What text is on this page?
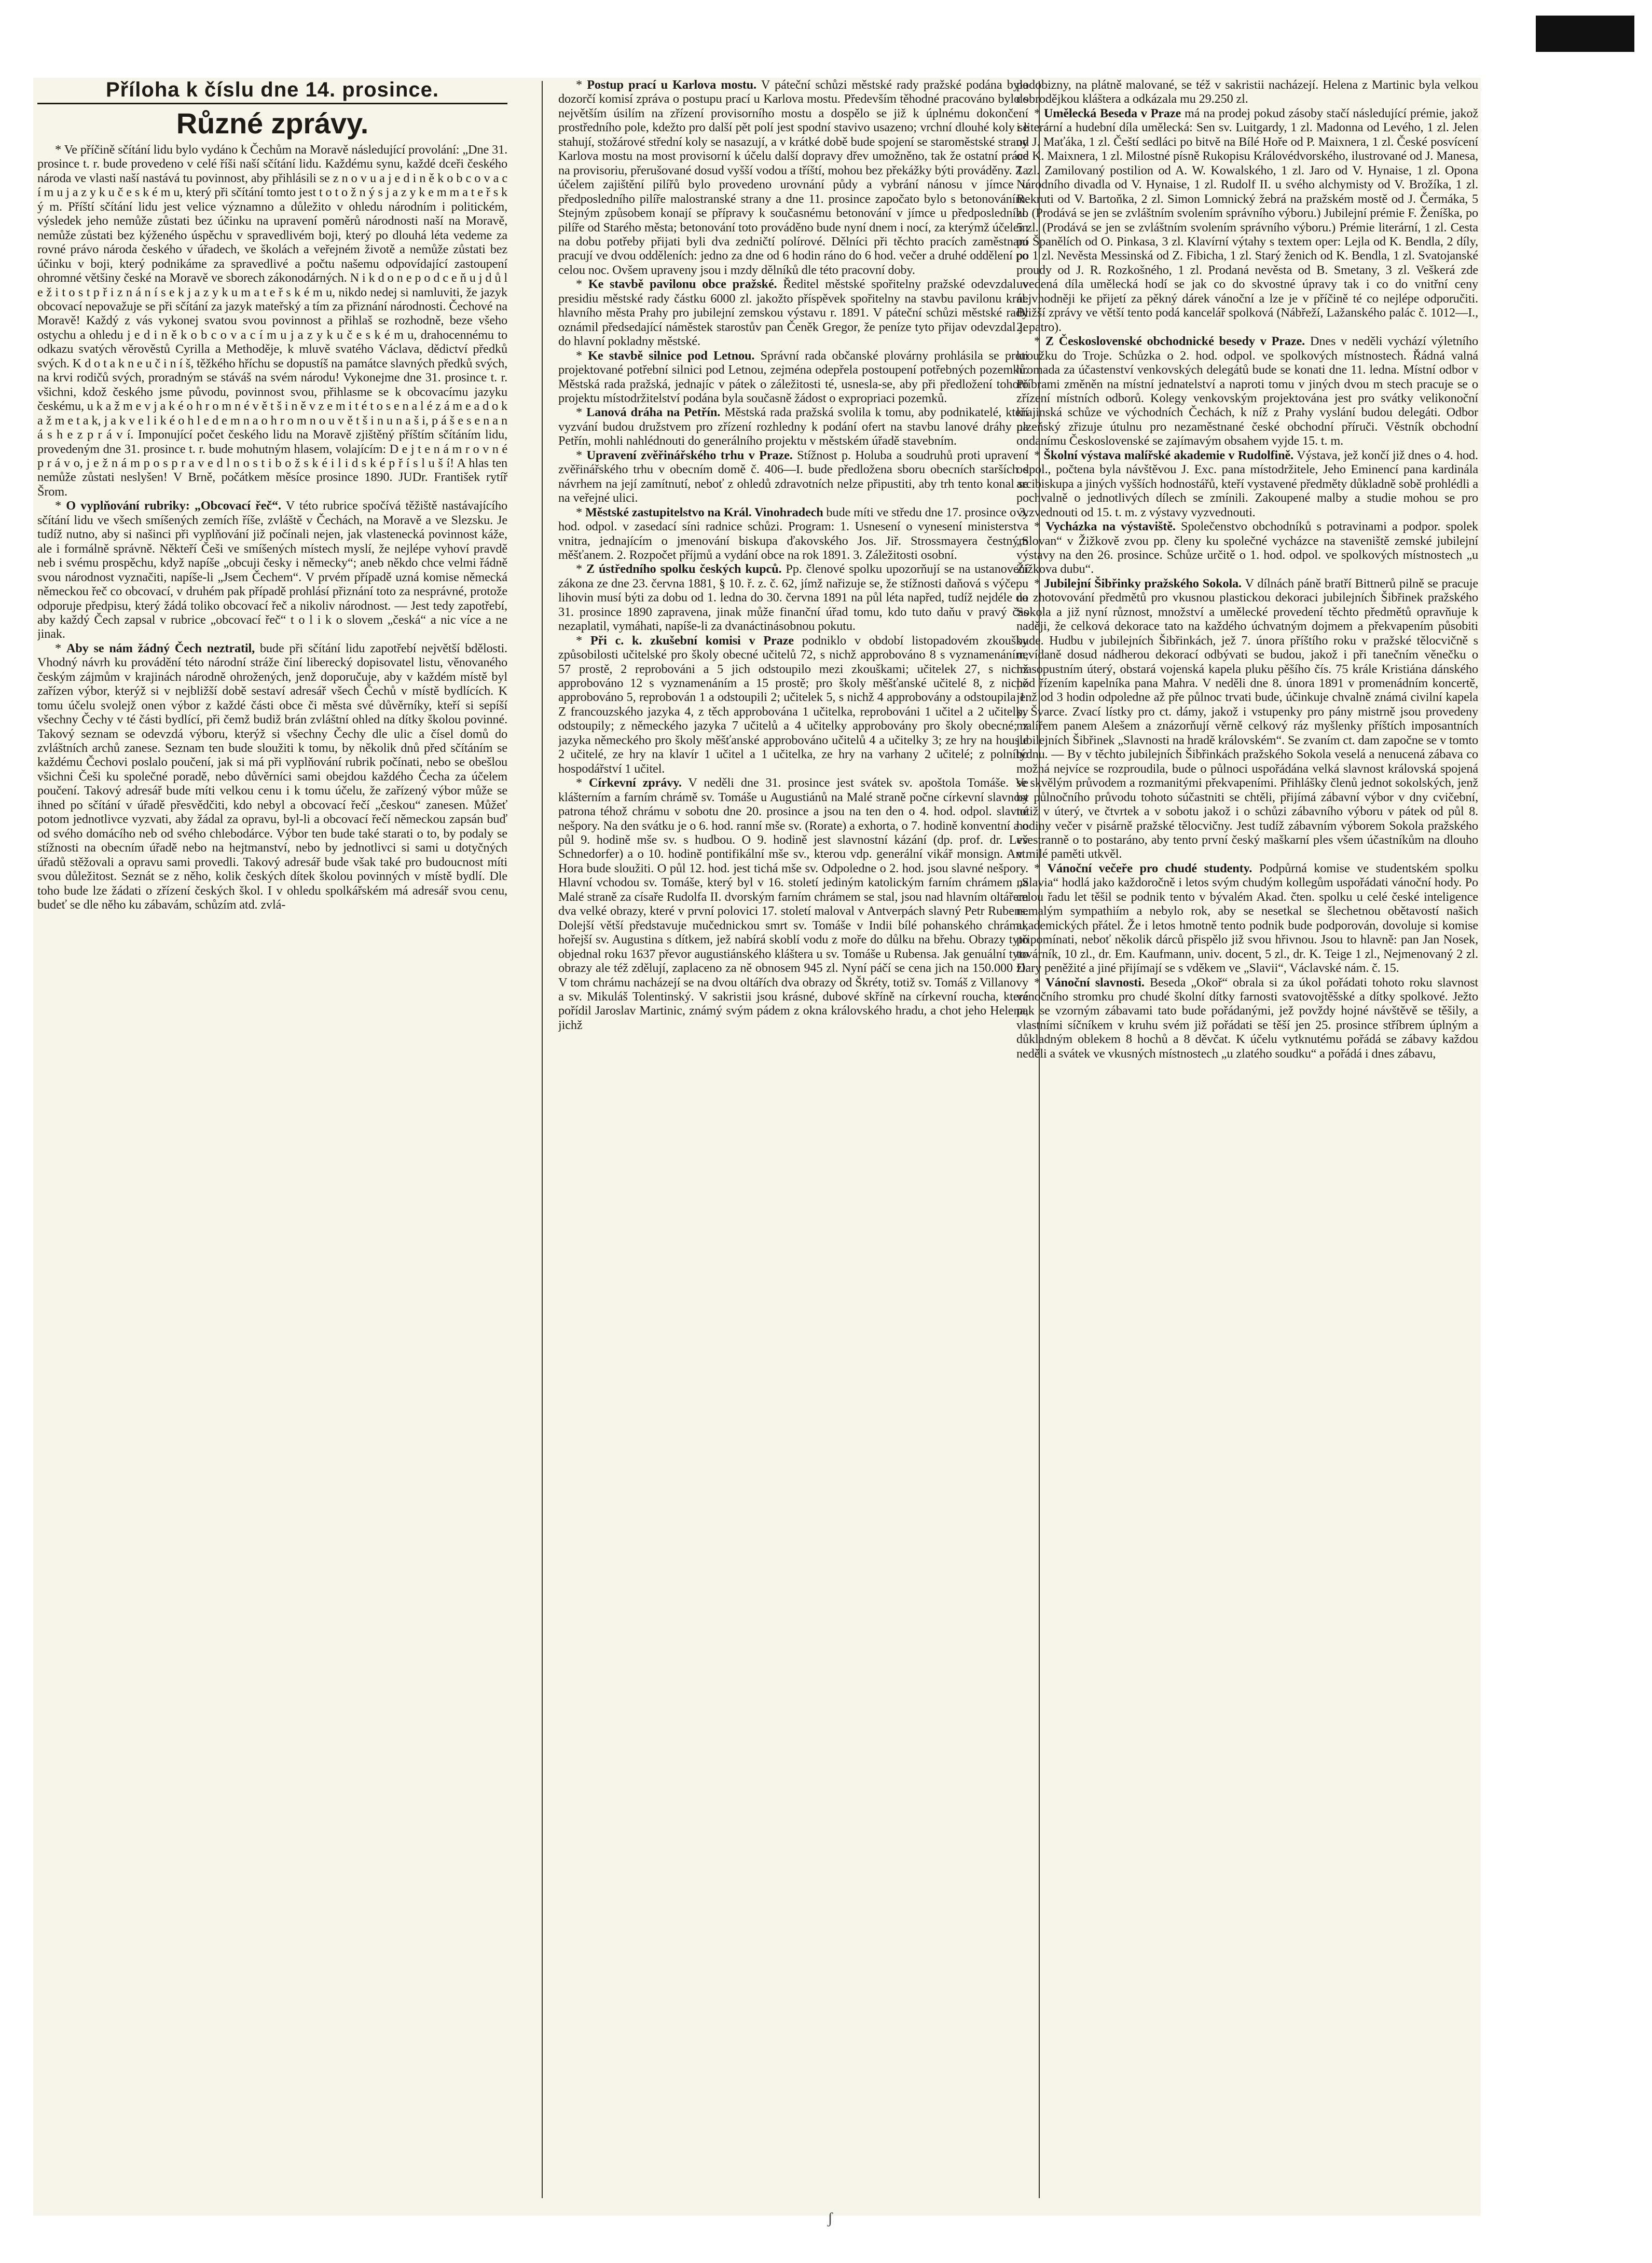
Příloha k číslu dne 14. prosince.
Různé zprávy.

* Ve příčině sčítání lidu bylo vydáno k Čechům na Moravě následující provolání: „Dne 31. prosince t. r. bude provedeno v celé říši naší sčítání lidu. Každému synu, každé dceři českého národa ve vlasti naší nastává tu povinnost, aby přihlásili se z n o v u a j e d i n ě k o b c o v a c í m u j a z y k u č e s k é m u, který při sčítání tomto jest t o t o ž n ý s j a z y k e m m a t e ř s k ý m. Příští sčítání lidu jest velice významno a důležito v ohledu národním i politickém, výsledek jeho nemůže zůstati bez účinku na upravení poměrů národnosti naší na Moravě, nemůže zůstati bez kýženého úspěchu v spravedlivém boji, který po dlouhá léta vedeme za rovné právo národa českého v úřadech, ve školách a veřejném životě a nemůže zůstati bez účinku v boji, který podnikáme za spravedlivé a počtu našemu odpovídající zastoupení ohromné většiny české na Moravě ve sborech zákonodárných. N i k d o n e p o d c e ň u j d ů l e ž i t o s t p ř i z n á n í s e k j a z y k u m a t e ř s k é m u, nikdo nedej si namluviti, že jazyk obcovací nepovažuje se při sčítání za jazyk mateřský a tím za přiznání národnosti. Čechové na Moravě! Každý z vás vykonej svatou svou povinnost a přihlaš se rozhodně, beze všeho ostychu a ohledu j e d i n ě k o b c o v a c í m u j a z y k u č e s k é m u, drahocennému to odkazu svatých věrověstů Cyrilla a Methoděje, k mluvě svatého Václava, dědictví předků svých. K d o t a k n e u č i n í š, těžkého hříchu se dopustíš na památce slavných předků svých, na krvi rodičů svých, proradným se stáváš na svém národu! Vykonejme dne 31. prosince t. r. všichni, kdož českého jsme původu, povinnost svou, přihlasme se k obcovacímu jazyku českému, u k a ž m e v j a k é o h r o m n é v ě t š i n ě v z e m i t é t o s e n a l é z á m e a d o k a ž m e t a k, j a k v e l i k é o h l e d e m n a o h r o m n o u v ě t š i n u n a š i, p á š e s e n a n á s h e z p r á v í. Imponující počet českého lidu na Moravě zjištěný příštím sčítáním lidu, provedeným dne 31. prosince t. r. bude mohutným hlasem, volajícím: D e j t e n á m r o v n é p r á v o, j e ž n á m p o s p r a v e d l n o s t i b o ž s k é i l i d s k é p ř í s l u š í! A hlas ten nemůže zůstati neslyšen! V Brně, počátkem měsíce prosince 1890. JUDr. František rytíř Šrom.

* O vyplňování rubriky: „Obcovací řeč“. V této rubrice spočívá těžiště nastávajícího sčítání lidu ve všech smíšených zemích říše, zvláště v Čechách, na Moravě a ve Slezsku. Je tudíž nutno, aby si našinci při vyplňování již počínali nejen, jak vlastenecká povinnost káže, ale i formálně správně. Někteří Češi ve smíšených místech myslí, že nejlépe vyhoví pravdě neb i svému prospěchu, když napíše „obcuji česky i německy“; aneb někdo chce velmi řádně svou národnost vyznačiti, napíše-li „Jsem Čechem“. V prvém případě uzná komise německá německou řeč co obcovací, v druhém pak případě prohlásí přiznání toto za nesprávné, protože odporuje předpisu, který žádá toliko obcovací řeč a nikoliv národnost. — Jest tedy zapotřebí, aby každý Čech zapsal v rubrice „obcovací řeč“ t o l i k o slovem „česká“ a nic více a ne jinak.

* Aby se nám žádný Čech neztratil, bude při sčítání lidu zapotřebí největší bdělosti. Vhodný návrh ku provádění této národní stráže činí liberecký dopisovatel listu, věnovaného českým zájmům v krajinách národně ohrožených, jenž doporučuje, aby v každém místě byl zařízen výbor, kterýž si v nejbližší době sestaví adresář všech Čechů v místě bydlících. K tomu účelu svolejž onen výbor z každé části obce či města své důvěrníky, kteří si sepíší všechny Čechy v té části bydlící, při čemž budiž brán zvláštní ohled na dítky školou povinné. Takový seznam se odevzdá výboru, kterýž si všechny Čechy dle ulic a čísel domů do zvláštních archů zanese. Seznam ten bude sloužiti k tomu, by několik dnů před sčítáním se každému Čechovi poslalo poučení, jak si má při vyplňování rubrik počínati, nebo se obešlou všichni Češi ku společné poradě, nebo důvěrníci sami obejdou každého Čecha za účelem poučení. Takový adresář bude míti velkou cenu i k tomu účelu, že zařízený výbor může se ihned po sčítání v úřadě přesvědčiti, kdo nebyl a obcovací řečí „českou“ zanesen. Můžeť potom jednotlivce vyzvati, aby žádal za opravu, byl-li a obcovací řečí německou zapsán buď od svého domácího neb od svého chlebodárce. Výbor ten bude také starati o to, by podaly se stížnosti na obecním úřadě nebo na hejtmanství, nebo by jednotlivci si sami u dotyčných úřadů stěžovali a opravu sami provedli. Takový adresář bude však také pro budoucnost míti svou důležitost. Seznát se z něho, kolik českých dítek školou povinných v místě bydlí. Dle toho bude lze žádati o zřízení českých škol. I v ohledu spolkářském má adresář svou cenu, budeť se dle něho ku zábavám, schůzím atd. zvlá-

* Postup prací u Karlova mostu. V páteční schůzi městské rady pražské podána byla dozorčí komisí zpráva o postupu prací u Karlova mostu. Především těhodné pracováno bylo s největším úsilím na zřízení provisorního mostu a dospělo se již k úplnému dokončení prostředního pole, kdežto pro další pět polí jest spodní stavivo usazeno; vrchní dlouhé koly se stahují, stožárové střední koly se nasazují, a v krátké době bude spojení se staroměstské strany Karlova mostu na most provisorní k účelu další dopravy dřev umožněno, tak že ostatní práce na provisoriu, přerušované dosud vyšší vodou a tříští, mohou bez překážky býti prováděny. Za účelem zajištění pilířů bylo provedeno urovnání půdy a vybrání nánosu v jímce u předposledního pilíře malostranské strany a dne 11. prosince započato bylo s betonováním. Stejným způsobem konají se přípravy k současnému betonování v jímce u předposledního pilíře od Starého města; betonování toto prováděno bude nyní dnem i nocí, za kterýmž účelem na dobu potřeby přijati byli dva zedničtí polírové. Dělníci při těchto pracích zaměstnaní pracují ve dvou odděleních: jedno za dne od 6 hodin ráno do 6 hod. večer a druhé oddělení po celou noc. Ovšem upraveny jsou i mzdy dělníků dle této pracovní doby.

* Ke stavbě pavilonu obce pražské. Ředitel městské spořitelny pražské odevzdal v presidiu městské rady částku 6000 zl. jakožto příspěvek spořitelny na stavbu pavilonu král. hlavního města Prahy pro jubilejní zemskou výstavu r. 1891. V páteční schůzi městské rady oznámil předsedající náměstek starostův pan Čeněk Gregor, že peníze tyto přijav odevzdal je do hlavní pokladny městské.

* Ke stavbě silnice pod Letnou. Správní rada občanské plovárny prohlásila se proti projektované potřební silnici pod Letnou, zejména odepřela postoupení potřebných pozemků. Městská rada pražská, jednajíc v pátek o záležitosti té, usnesla-se, aby při předložení tohoto projektu místodržitelství podána byla současně žádost o expropriaci pozemků.

* Lanová dráha na Petřín. Městská rada pražská svolila k tomu, aby podnikatelé, kteří vyzvání budou družstvem pro zřízení rozhledny k podání ofert na stavbu lanové dráhy na Petřín, mohli nahlédnouti do generálního projektu v městském úřadě stavebním.

* Upravení zvěřinářského trhu v Praze. Stížnost p. Holuba a soudruhů proti upravení zvěřinářského trhu v obecním domě č. 406—I. bude předložena sboru obecních starších s návrhem na její zamítnutí, neboť z ohledů zdravotních nelze připustiti, aby trh tento konal se na veřejné ulici.

* Městské zastupitelstvo na Král. Vinohradech bude míti ve středu dne 17. prosince o 3. hod. odpol. v zasedací síni radnice schůzi. Program: 1. Usnesení o vynesení ministerstva vnitra, jednajícím o jmenování biskupa ďakovského Jos. Jiř. Strossmayera čestným měšťanem. 2. Rozpočet příjmů a vydání obce na rok 1891. 3. Záležitosti osobní.

* Z ústředního spolku českých kupců. Pp. členové spolku upozorňují se na ustanovení zákona ze dne 23. června 1881, § 10. ř. z. č. 62, jímž nařizuje se, že stížnosti daňová s výčepu lihovin musí býti za dobu od 1. ledna do 30. června 1891 na půl léta napřed, tudíž nejdéle do 31. prosince 1890 zapravena, jinak může finanční úřad tomu, kdo tuto daňu v pravý čas nezaplatil, vymáhati, napíše-li za dvanáctinásobnou pokutu.

* Při c. k. zkušební komisi v Praze podniklo v období listopadovém zkoušky způsobilosti učitelské pro školy obecné učitelů 72, s nichž approbováno 8 s vyznamenáním, 57 prostě, 2 reprobováni a 5 jich odstoupilo mezi zkouškami; učitelek 27, s nichž approbováno 12 s vyznamenáním a 15 prostě; pro školy měšťanské učitelé 8, z nichž approbováno 5, reprobován 1 a odstoupili 2; učitelek 5, s nichž 4 approbovány a odstoupila 1. Z francouzského jazyka 4, z těch approbována 1 učitelka, reprobováni 1 učitel a 2 učitelky odstoupily; z německého jazyka 7 učitelů a 4 učitelky approbovány pro školy obecné; z jazyka německého pro školy měšťanské approbováno učitelů 4 a učitelky 3; ze hry na housle 2 učitelé, ze hry na klavír 1 učitel a 1 učitelka, ze hry na varhany 2 učitelé; z polního hospodářství 1 učitel.

* Církevní zprávy. V neděli dne 31. prosince jest svátek sv. apoštola Tomáše. Ve klášterním a farním chrámě sv. Tomáše u Augustiánů na Malé straně počne církevní slavnost patrona téhož chrámu v sobotu dne 20. prosince a jsou na ten den o 4. hod. odpol. slavné nešpory. Na den svátku je o 6. hod. ranní mše sv. (Rorate) a exhorta, o 7. hodině konventní a o půl 9. hodině mše sv. s hudbou. O 9. hodině jest slavnostní kázání (dp. prof. dr. Lev Schnedorfer) a o 10. hodině pontifikální mše sv., kterou vdp. generální vikář monsign. Ant. Hora bude sloužiti. O půl 12. hod. jest tichá mše sv. Odpoledne o 2. hod. jsou slavné nešpory. Hlavní vchodou sv. Tomáše, který byl v 16. století jediným katolickým farním chrámem na Malé straně za císaře Rudolfa II. dvorským farním chrámem se stal, jsou nad hlavním oltářem dva velké obrazy, které v první polovici 17. století maloval v Antverpách slavný Petr Rubens. Dolejší větší představuje mučednickou smrt sv. Tomáše v Indii bílé pohanského chrámu, hořejší sv. Augustina s dítkem, jež nabírá skoblí vodu z moře do důlku na břehu. Obrazy tyto objednal roku 1637 převor augustiánského kláštera u sv. Tomáše u Rubensa. Jak genuální tyto obrazy ale též zdělují, zaplaceno za ně obnosem 945 zl. Nyní páčí se cena jich na 150.000 zl. V tom chrámu nacházejí se na dvou oltářích dva obrazy od Škréty, totiž sv. Tomáš z Villanovy a sv. Mikuláš Tolentinský. V sakristii jsou krásné, dubové skříně na církevní roucha, které pořídil Jaroslav Martinic, známý svým pádem z okna královského hradu, a chot jeho Helena, jichž

podobizny, na plátně malované, se též v sakristii nacházejí. Helena z Martinic byla velkou dobrodějkou kláštera a odkázala mu 29.250 zl.

* Umělecká Beseda v Praze má na prodej pokud zásoby stačí následující prémie, jakož i literární a hudební díla umělecká: Sen sv. Luitgardy, 1 zl. Madonna od Levého, 1 zl. Jelen od J. Maťáka, 1 zl. Čeští sedláci po bitvě na Bílé Hoře od P. Maixnera, 1 zl. České posvícení od K. Maixnera, 1 zl. Milostné písně Rukopisu Královédvorského, ilustrované od J. Manesa, 1 zl. Zamilovaný postilion od A. W. Kowalského, 1 zl. Jaro od V. Hynaise, 1 zl. Opona Národního divadla od V. Hynaise, 1 zl. Rudolf II. u svého alchymisty od V. Brožíka, 1 zl. Rekruti od V. Bartoňka, 2 zl. Simon Lomnický žebrá na pražském mostě od J. Čermáka, 5 zl. (Prodává se jen se zvláštním svolením správního výboru.) Jubilejní prémie F. Ženíška, po 5 zl. (Prodává se jen se zvláštním svolením správního výboru.) Prémie literární, 1 zl. Cesta po Španělích od O. Pinkasa, 3 zl. Klavírní výtahy s textem oper: Lejla od K. Bendla, 2 díly, po 1 zl. Nevěsta Messinská od Z. Fibicha, 1 zl. Starý ženich od K. Bendla, 1 zl. Svatojanské proudy od J. R. Rozkošného, 1 zl. Prodaná nevěsta od B. Smetany, 3 zl. Veškerá zde uvedená díla umělecká hodí se jak co do skvostné úpravy tak i co do vnitřní ceny nejvhodněji ke přijetí za pěkný dárek vánoční a lze je v příčině té co nejlépe odporučiti. Bližší zprávy ve větší tento podá kancelář spolková (Nábřeží, Lažanského palác č. 1012—I., 2. patro).

* Z Československé obchodnické besedy v Praze. Dnes v neděli vychází výletního kroužku do Troje. Schůzka o 2. hod. odpol. ve spolkových místnostech. Řádná valná hromada za účastenství venkovských delegátů bude se konati dne 11. ledna. Místní odbor v Příbrami změněn na místní jednatelství a naproti tomu v jiných dvou m stech pracuje se o zřízení místních odborů. Kolegy venkovským projektována jest pro svátky velikonoční krajinská schůze ve východních Čechách, k níž z Prahy vyslání budou delegáti. Odbor plzeňský zřizuje útulnu pro nezaměstnané české obchodní příruči. Věstník obchodní ondanímu Československé se zajímavým obsahem vyjde 15. t. m.

* Školní výstava malířské akademie v Rudolfině. Výstava, jež končí již dnes o 4. hod. odpol., počtena byla návštěvou J. Exc. pana místodržitele, Jeho Eminencí pana kardinála arcibiskupa a jiných vyšších hodnostářů, kteří vystavené předměty důkladně sobě prohlédli a pochvalně o jednotlivých dílech se zmínili. Zakoupené malby a studie mohou se pro vyzvednouti od 15. t. m. z výstavy vyzvednouti.

* Vycházka na výstaviště. Společenstvo obchodníků s potravinami a podpor. spolek „Slovan“ v Žižkově zvou pp. členy ku společné vycházce na staveniště zemské jubilejní výstavy na den 26. prosince. Schůze určitě o 1. hod. odpol. ve spolkových místnostech „u Žižkova dubu“.

* Jubilejní Šibřinky pražského Sokola. V dílnách páně bratří Bittnerů pilně se pracuje na zhotovování předmětů pro vkusnou plastickou dekoraci jubilejních Šibřinek pražského Sokola a již nyní různost, množství a umělecké provedení těchto předmětů opravňuje k naději, že celková dekorace tato na každého úchvatným dojmem a překvapením působiti bude. Hudbu v jubilejních Šibřinkách, jež 7. února příštího roku v pražské tělocvičně s nevídaně dosud nádherou dekorací odbývati se budou, jakož i při tanečním věnečku o masopustním úterý, obstará vojenská kapela pluku pěšího čís. 75 krále Kristiána dánského pod řízením kapelníka pana Mahra. V neděli dne 8. února 1891 v promenádním koncertě, jenž od 3 hodin odpoledne až pře půlnoc trvati bude, účinkuje chvalně známá civilní kapela p. Švarce. Zvací lístky pro ct. dámy, jakož i vstupenky pro pány mistrně jsou provedeny malířem panem Alešem a znázorňují věrně celkový ráz myšlenky příštích imposantních jubilejních Šibřinek „Slavnosti na hradě královském“. Se zvaním ct. dam započne se v tomto týdnu. — By v těchto jubilejních Šibřinkách pražského Sokola veselá a nenucená zábava co možná nejvíce se rozproudila, bude o půlnoci uspořádána velká slavnost královská spojená se skvělým průvodem a rozmanitými překvapeními. Přihlášky členů jednot sokolských, jenž by půlnočního průvodu tohoto súčastniti se chtěli, přijímá zábavní výbor v dny cvičební, totiž v úterý, ve čtvrtek a v sobotu jakož i o schůzi zábavního výboru v pátek od půl 8. hodiny večer v pisárně pražské tělocvičny. Jest tudíž zábavním výborem Sokola pražského všestranně o to postaráno, aby tento první český maškarní ples všem účastníkům na dlouho v milé paměti utkvěl.

* Vánoční večeře pro chudé studenty. Podpůrná komise ve studentském spolku „Slavia“ hodlá jako každoročně i letos svým chudým kollegům uspořádati vánoční hody. Po celou řadu let těšil se podnik tento v bývalém Akad. čten. spolku u celé české inteligence nemalým sympathiím a nebylo rok, aby se nesetkal se šlechetnou obětavostí našich akademických přátel. Že i letos hmotně tento podnik bude podporován, dovoluje si komise připomínati, neboť několik dárců přispělo již svou hřivnou. Jsou to hlavně: pan Jan Nosek, továrník, 10 zl., dr. Em. Kaufmann, univ. docent, 5 zl., dr. K. Teige 1 zl., Nejmenovaný 2 zl. Dary peněžité a jiné přijímají se s vděkem ve „Slavii“, Václavské nám. č. 15.

* Vánoční slavnosti. Beseda „Okoř“ obrala si za úkol pořádati tohoto roku slavnost vánočního stromku pro chudé školní dítky farnosti svatovojtěšské a dítky spolkové. Ježto pak se vzorným zábavami tato bude pořádanými, jež povždy hojné návštěvě se těšily, a vlastními síčníkem v kruhu svém již pořádati se těší jen 25. prosince stříbrem úplným a důkladným oblekem 8 hochů a 8 děvčat. K účelu vytknutému pořádá se zábavy každou neděli a svátek ve vkusných místnostech „u zlatého soudku“ a pořádá i dnes zábavu,

ʃ
